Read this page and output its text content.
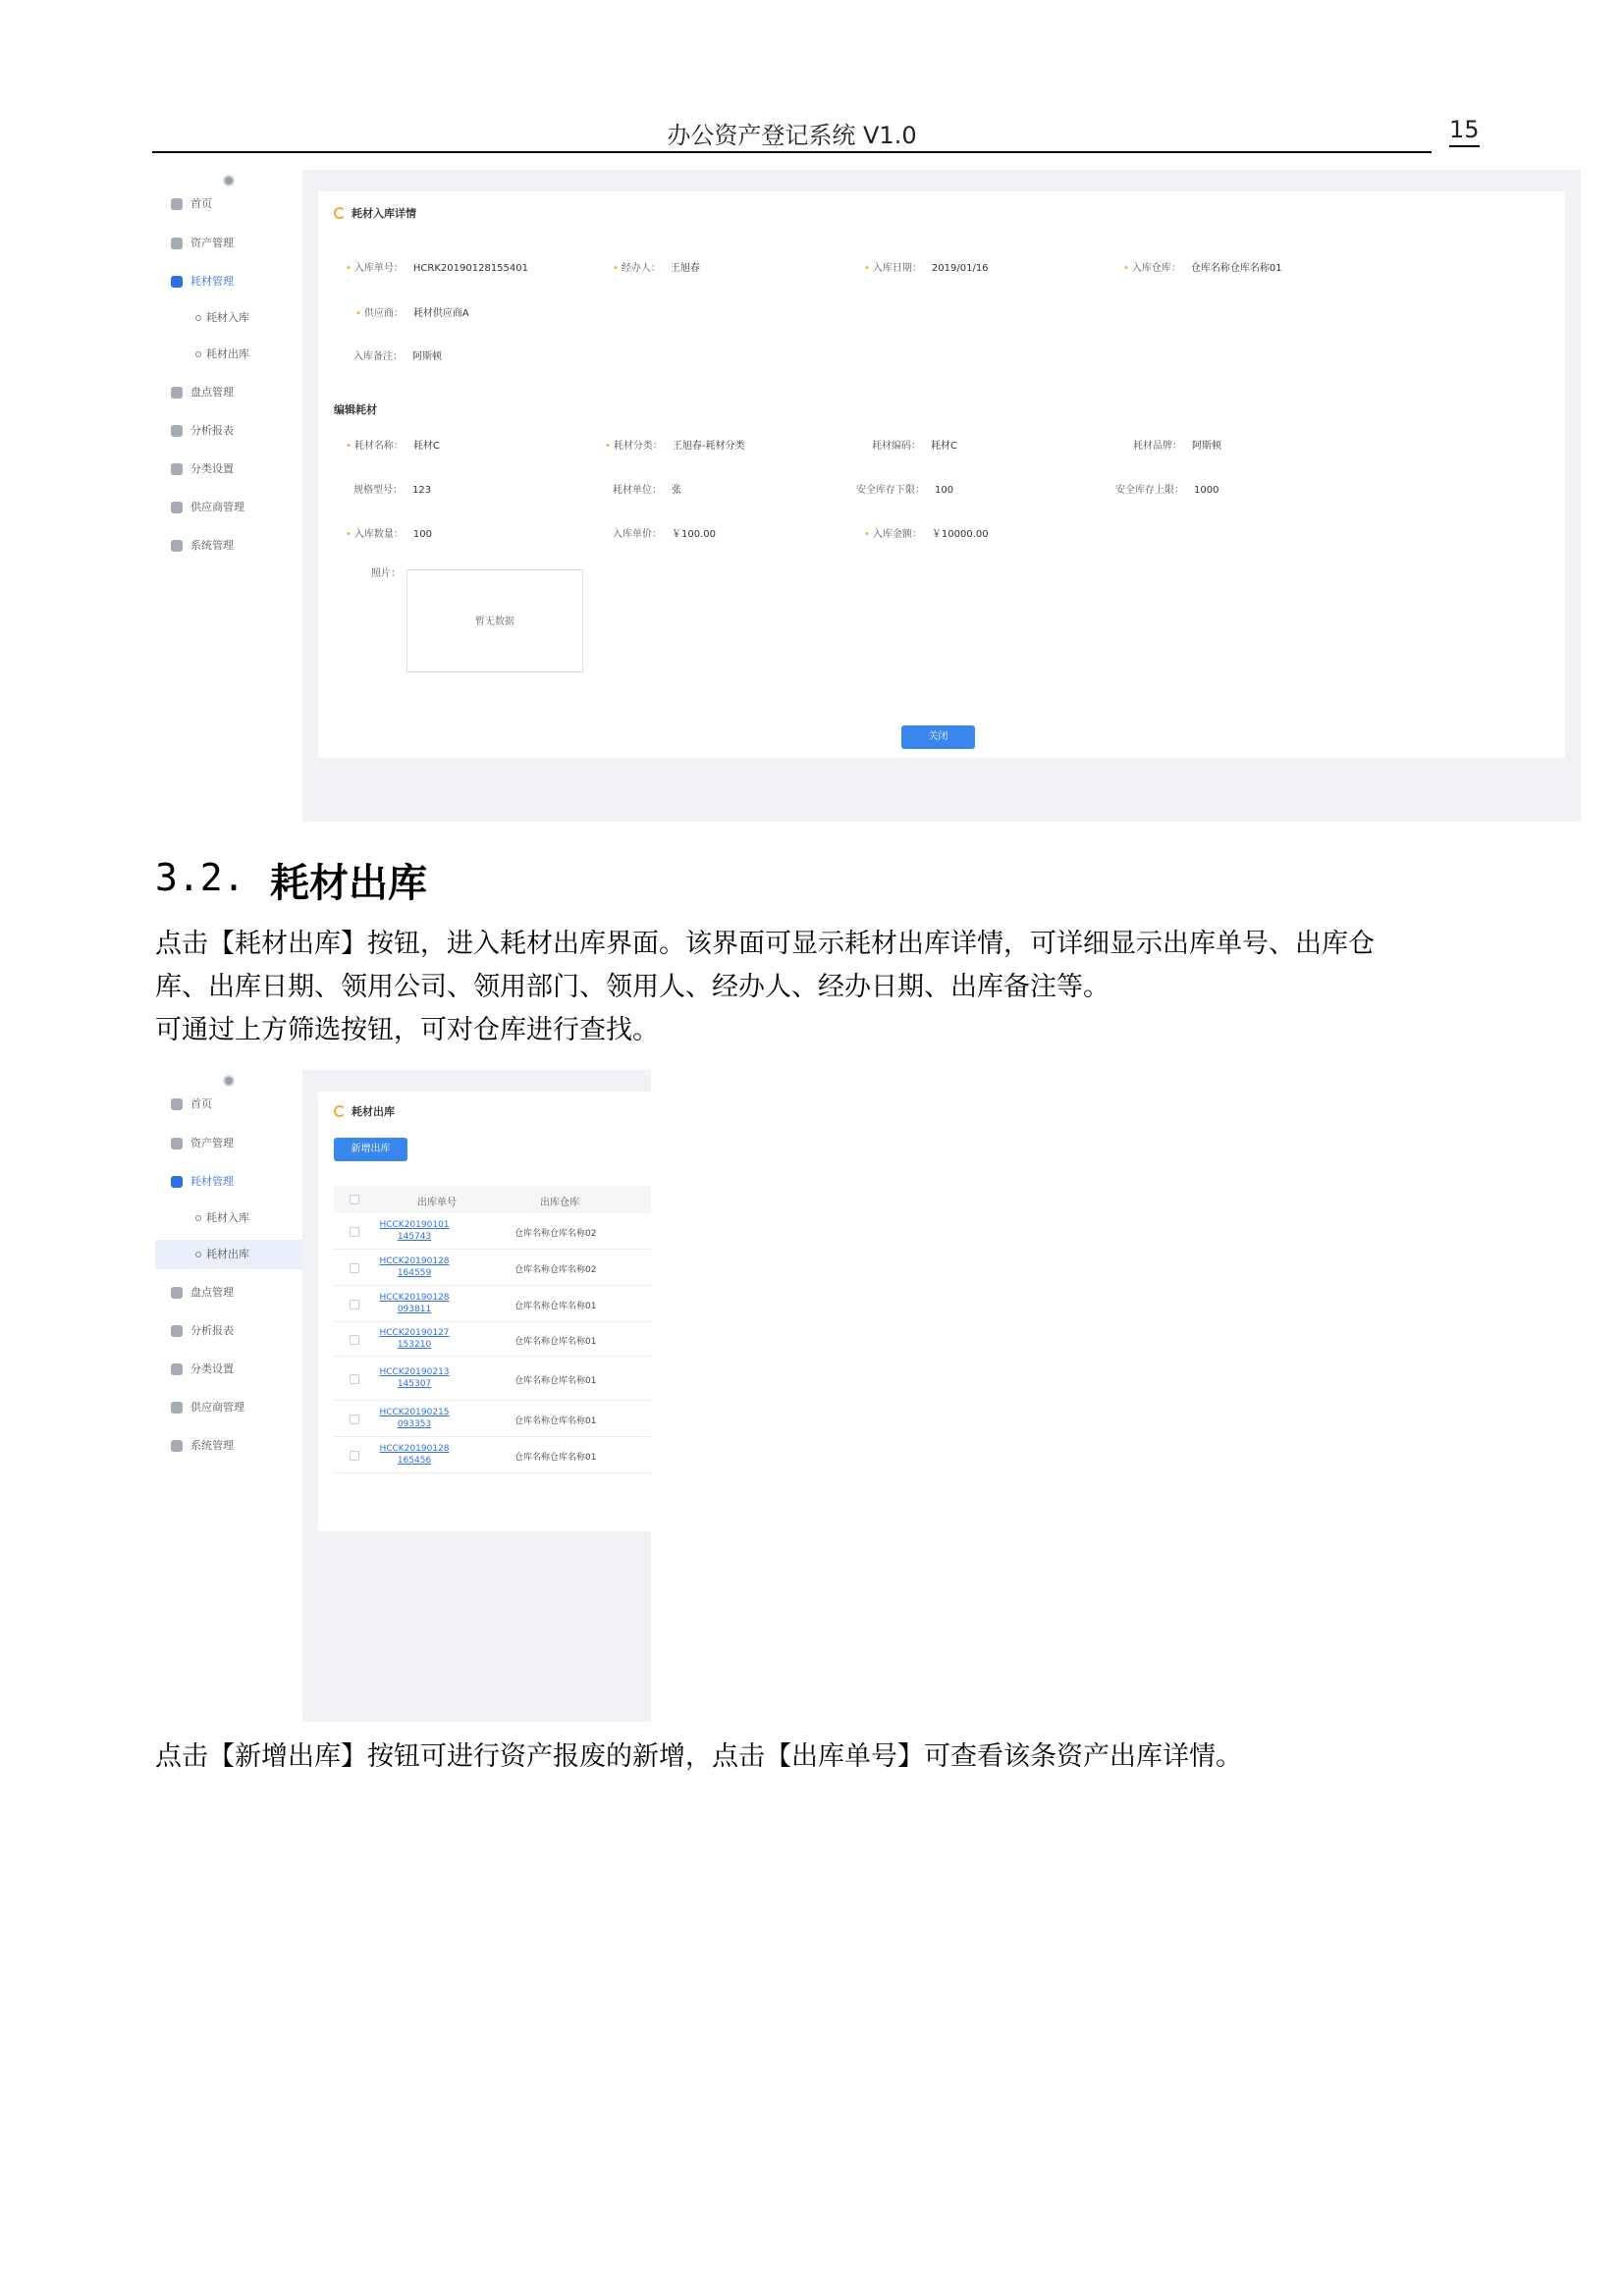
办公资产登记系统 V1.0	15
首页
资产管理
耗材管理
耗材入库
耗材出库
盘点管理
分析报表
分类设置
供应商管理
系统管理
耗材入库详情
• 入库单号： HCRK20190128155401	• 经办人： 王旭春	• 入库日期： 2019/01/16	• 入库仓库： 仓库名称仓库名称01
• 供应商： 耗材供应商A
入库备注： 阿斯顿
编辑耗材
• 耗材名称： 耗材C	• 耗材分类： 王旭春-耗材分类	耗材编码： 耗材C	耗材品牌： 阿斯顿
规格型号： 123	耗材单位： 张	安全库存下限： 100	安全库存上限： 1000
• 入库数量： 100	入库单价： ￥100.00	• 入库金额： ￥10000.00
照片：
暂无数据
关闭
3.2. 耗材出库
点击【耗材出库】按钮，进入耗材出库界面。该界面可显示耗材出库详情，可详细显示出库单号、出库仓
库、出库日期、领用公司、领用部门、领用人、经办人、经办日期、出库备注等。
可通过上方筛选按钮，可对仓库进行查找。
首页
资产管理
耗材管理
耗材入库
耗材出库
盘点管理
分析报表
分类设置
供应商管理
系统管理
耗材出库
新增出库
出库单号	出库仓库
HCCK20190101145743	仓库名称仓库名称02
HCCK20190128164559	仓库名称仓库名称02
HCCK20190128093811	仓库名称仓库名称01
HCCK20190127153210	仓库名称仓库名称01
HCCK20190213145307	仓库名称仓库名称01
HCCK20190215093353	仓库名称仓库名称01
HCCK20190128165456	仓库名称仓库名称01
点击【新增出库】按钮可进行资产报废的新增，点击【出库单号】可查看该条资产出库详情。
